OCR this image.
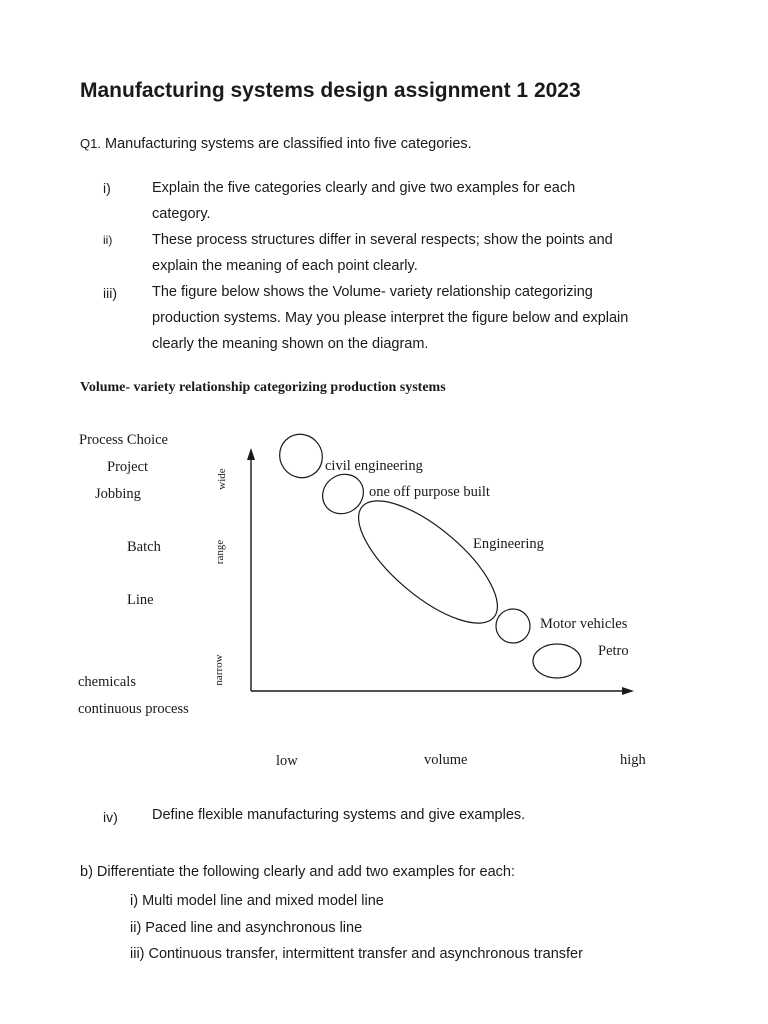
Manufacturing systems design assignment 1 2023
Q1. Manufacturing systems are classified into five categories.
i)	Explain the five categories clearly and give two examples for each
category.
ii)	These process structures differ in several respects; show the points and
explain the meaning of each point clearly.
iii) The figure below shows the Volume- variety relationship categorizing
production systems. May you please interpret the figure below and explain
clearly the meaning shown on the diagram.
Volume- variety relationship categorizing production systems
Process Choice
Project
Jobbing
Batch
Line
chemicals
continuous process
wide
range
narrow
civil engineering
one off purpose built
Engineering
Motor vehicles
Petro
low	volume	high
iv) Define flexible manufacturing systems and give examples.
b) Differentiate the following clearly and add two examples for each:
i) Multi model line and mixed model line
ii) Paced line and asynchronous line
iii) Continuous transfer, intermittent transfer and asynchronous transfer
